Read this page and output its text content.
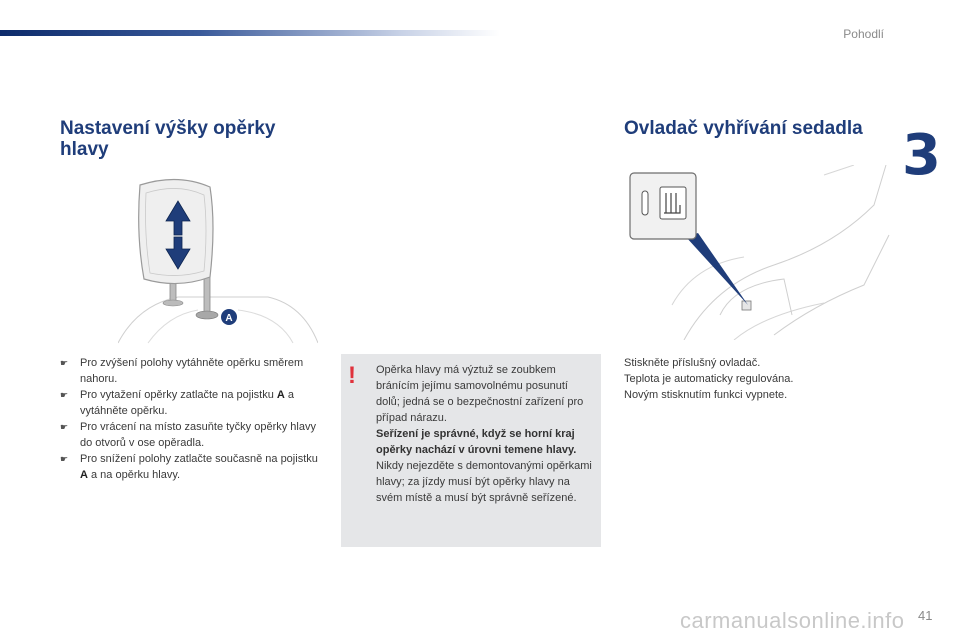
Pohodlí
3
Nastavení výšky opěrky hlavy
A
☛ Pro zvýšení polohy vytáhněte opěrku směrem nahoru.
☛ Pro vytažení opěrky zatlačte na pojistku A a vytáhněte opěrku.
☛ Pro vrácení na místo zasuňte tyčky opěrky hlavy do otvorů v ose opěradla.
☛ Pro snížení polohy zatlačte současně na pojistku A a na opěrku hlavy.
! Opěrka hlavy má výztuž se zoubkem bránícím jejímu samovolnému posunutí dolů; jedná se o bezpečnostní zařízení pro případ nárazu.

Seřízení je správné, když se horní kraj opěrky nachází v úrovni temene hlavy.

Nikdy nejezděte s demontovanými opěrkami hlavy; za jízdy musí být opěrky hlavy na svém místě a musí být správně seřízené.

Ovladač vyhřívání sedadla

Stiskněte příslušný ovladač.

Teplota je automaticky regulována.

Novým stisknutím funkci vypnete.

carmanualsonline.info 41
